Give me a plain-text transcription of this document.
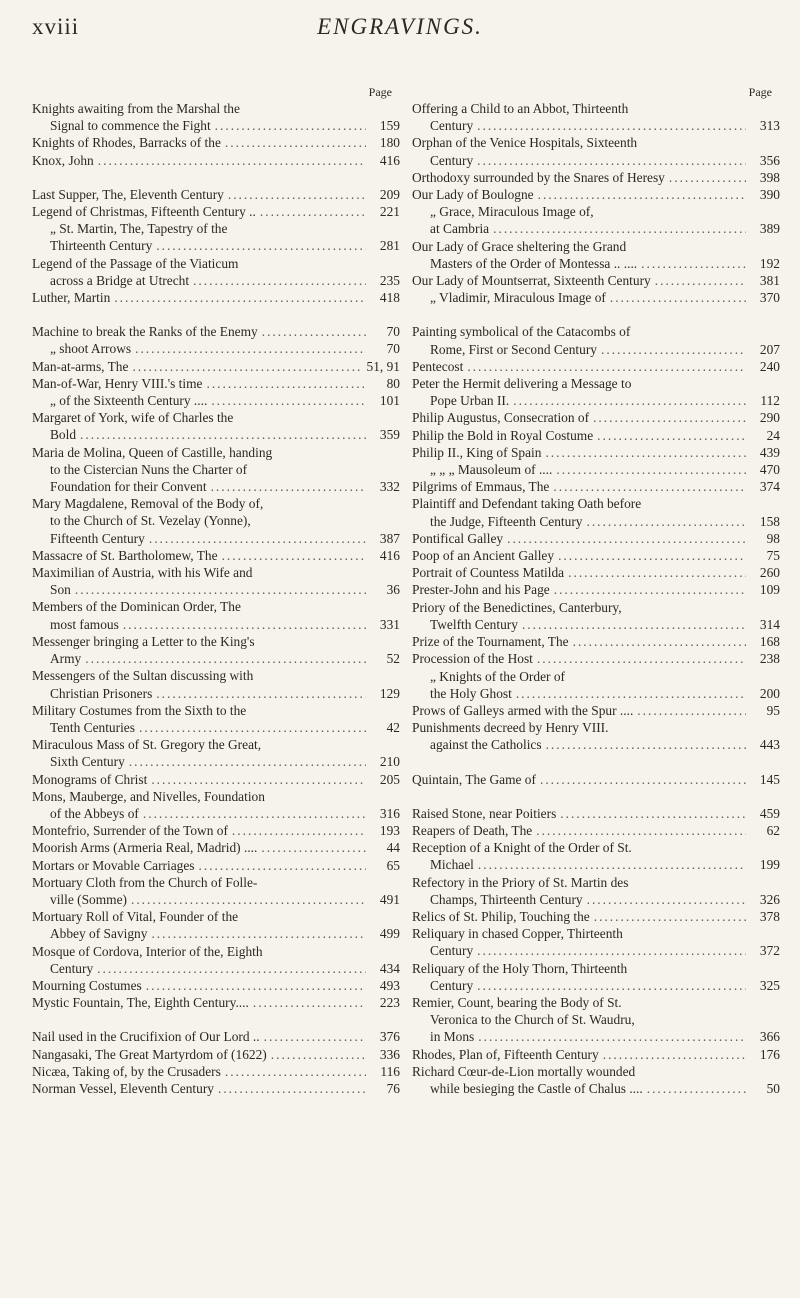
xviii	ENGRAVINGS.
Page
Knights awaiting from the Marshal the
Signal to commence the Fight .....	159
Knights of Rhodes, Barracks of the .....	180
Knox, John .....	416
Last Supper, The, Eleventh Century .....	209
Legend of Christmas, Fifteenth Century .. .....	221
„ St. Martin, The, Tapestry of the
Thirteenth Century .....	281
Legend of the Passage of the Viaticum
across a Bridge at Utrecht .....	235
Luther, Martin .....	418
Machine to break the Ranks of the Enemy .....	70
„ shoot Arrows .....	70
Man-at-arms, The .....	51, 91
Man-of-War, Henry VIII.'s time .....	80
„ of the Sixteenth Century .... .....	101
Margaret of York, wife of Charles the
Bold .....	359
Maria de Molina, Queen of Castille, handing
to the Cistercian Nuns the Charter of
Foundation for their Convent .....	332
Mary Magdalene, Removal of the Body of,
to the Church of St. Vezelay (Yonne),
Fifteenth Century .....	387
Massacre of St. Bartholomew, The .....	416
Maximilian of Austria, with his Wife and
Son .....	36
Members of the Dominican Order, The
most famous .....	331
Messenger bringing a Letter to the King's
Army .....	52
Messengers of the Sultan discussing with
Christian Prisoners .....	129
Military Costumes from the Sixth to the
Tenth Centuries .....	42
Miraculous Mass of St. Gregory the Great,
Sixth Century .....	210
Monograms of Christ .....	205
Mons, Mauberge, and Nivelles, Foundation
of the Abbeys of .....	316
Montefrio, Surrender of the Town of .....	193
Moorish Arms (Armeria Real, Madrid) .... .....	44
Mortars or Movable Carriages .....	65
Mortuary Cloth from the Church of Folle-
ville (Somme) .....	491
Mortuary Roll of Vital, Founder of the
Abbey of Savigny .....	499
Mosque of Cordova, Interior of the, Eighth
Century .....	434
Mourning Costumes .....	493
Mystic Fountain, The, Eighth Century.... .....	223
Nail used in the Crucifixion of Our Lord .. .....	376
Nangasaki, The Great Martyrdom of (1622) .....	336
Nicæa, Taking of, by the Crusaders .....	116
Norman Vessel, Eleventh Century .....	76
Page
Offering a Child to an Abbot, Thirteenth
Century .....	313
Orphan of the Venice Hospitals, Sixteenth
Century .....	356
Orthodoxy surrounded by the Snares of Heresy .....	398
Our Lady of Boulogne .....	390
„ Grace, Miraculous Image of,
at Cambria .....	389
Our Lady of Grace sheltering the Grand
Masters of the Order of Montessa .. .... .....	192
Our Lady of Mountserrat, Sixteenth Century .....	381
„ Vladimir, Miraculous Image of .....	370
Painting symbolical of the Catacombs of
Rome, First or Second Century .....	207
Pentecost .....	240
Peter the Hermit delivering a Message to
Pope Urban II. .....	112
Philip Augustus, Consecration of .....	290
Philip the Bold in Royal Costume .....	24
Philip II., King of Spain .....	439
„ „ „ Mausoleum of .... .....	470
Pilgrims of Emmaus, The .....	374
Plaintiff and Defendant taking Oath before
the Judge, Fifteenth Century .....	158
Pontifical Galley .....	98
Poop of an Ancient Galley .....	75
Portrait of Countess Matilda .....	260
Prester-John and his Page .....	109
Priory of the Benedictines, Canterbury,
Twelfth Century .....	314
Prize of the Tournament, The .....	168
Procession of the Host .....	238
„ Knights of the Order of
the Holy Ghost .....	200
Prows of Galleys armed with the Spur .... .....	95
Punishments decreed by Henry VIII.
against the Catholics .....	443
Quintain, The Game of .....	145
Raised Stone, near Poitiers .....	459
Reapers of Death, The .....	62
Reception of a Knight of the Order of St.
Michael .....	199
Refectory in the Priory of St. Martin des
Champs, Thirteenth Century .....	326
Relics of St. Philip, Touching the .....	378
Reliquary in chased Copper, Thirteenth
Century .....	372
Reliquary of the Holy Thorn, Thirteenth
Century .....	325
Remier, Count, bearing the Body of St.
Veronica to the Church of St. Waudru,
in Mons .....	366
Rhodes, Plan of, Fifteenth Century .....	176
Richard Cœur-de-Lion mortally wounded
while besieging the Castle of Chalus .... .....	50
